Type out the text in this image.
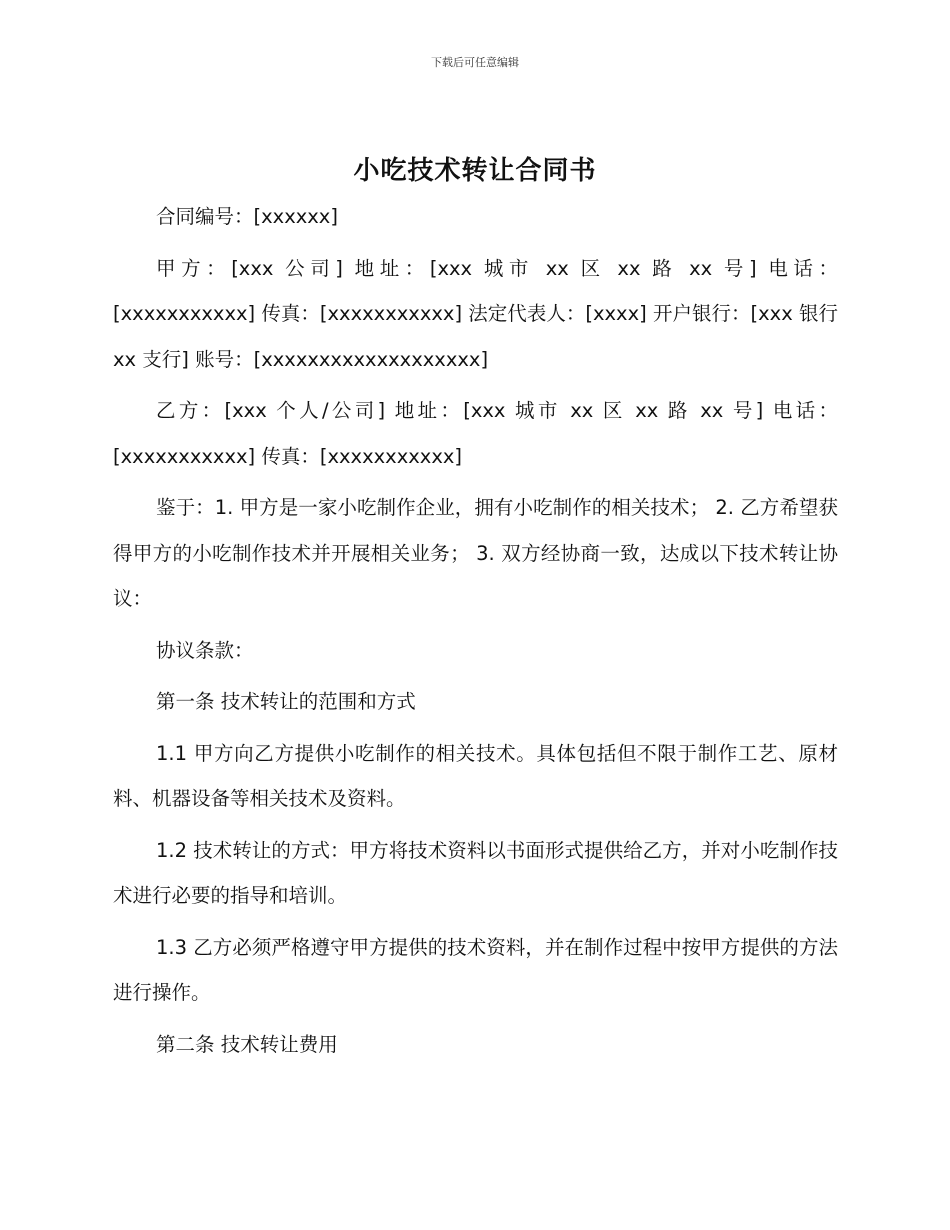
下载后可任意编辑
小吃技术转让合同书

合同编号：[xxxxxx]

甲方：[xxx 公司] 地址：[xxx 城市 xx 区 xx 路 xx 号] 电话：[xxxxxxxxxxx] 传真：[xxxxxxxxxxx] 法定代表人：[xxxx] 开户银行：[xxx 银行 xx 支行] 账号：[xxxxxxxxxxxxxxxxxxx]

乙方：[xxx 个人/公司] 地址：[xxx 城市 xx 区 xx 路 xx 号] 电话：[xxxxxxxxxxx] 传真：[xxxxxxxxxxx]

鉴于：1. 甲方是一家小吃制作企业，拥有小吃制作的相关技术； 2. 乙方希望获得甲方的小吃制作技术并开展相关业务； 3. 双方经协商一致，达成以下技术转让协议：

协议条款：

第一条 技术转让的范围和方式

1.1 甲方向乙方提供小吃制作的相关技术。具体包括但不限于制作工艺、原材料、机器设备等相关技术及资料。

1.2 技术转让的方式：甲方将技术资料以书面形式提供给乙方，并对小吃制作技术进行必要的指导和培训。

1.3 乙方必须严格遵守甲方提供的技术资料，并在制作过程中按甲方提供的方法进行操作。

第二条 技术转让费用
